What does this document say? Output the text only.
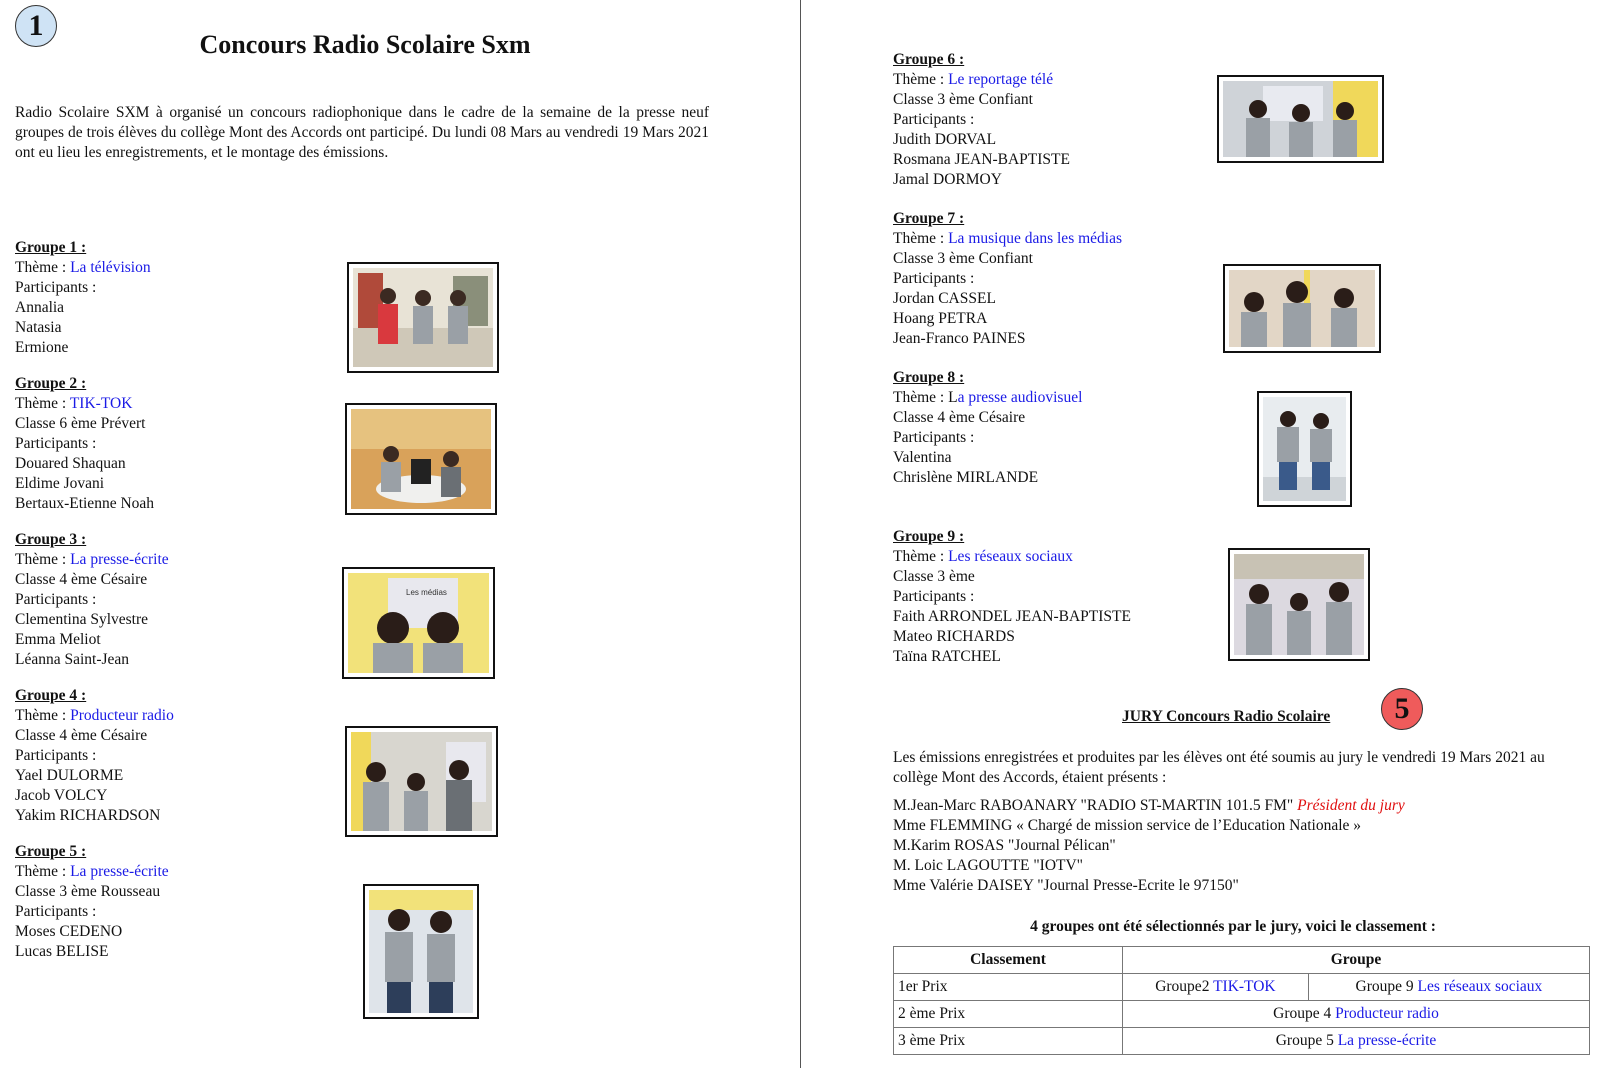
1
Concours Radio Scolaire Sxm
Radio Scolaire SXM à organisé un concours radiophonique dans le cadre de la semaine de la presse neuf groupes de trois élèves du collège Mont des Accords ont participé. Du lundi 08 Mars au vendredi 19 Mars 2021 ont eu lieu les enregistrements, et le montage des émissions.
Groupe 1 :
Thème : La télévision
Participants :
Annalia
Natasia
Ermione
Groupe 2 :
Thème : TIK-TOK
Classe 6 ème Prévert
Participants :
Douared Shaquan
Eldime Jovani
Bertaux-Etienne Noah
Groupe 3 :
Thème : La presse-écrite
Classe 4 ème Césaire
Participants :
Clementina Sylvestre
Emma Meliot
Léanna Saint-Jean
Groupe 4 :
Thème : Producteur radio
Classe 4 ème Césaire
Participants :
Yael DULORME
Jacob VOLCY
Yakim RICHARDSON
Groupe 5 :
Thème : La presse-écrite
Classe 3 ème Rousseau
Participants :
Moses CEDENO
Lucas BELISE
Groupe 6 :
Thème : Le reportage télé
Classe 3 ème Confiant
Participants :
Judith DORVAL
Rosmana JEAN-BAPTISTE
Jamal DORMOY
Groupe 7 :
Thème : La musique dans les médias
Classe 3 ème Confiant
Participants :
Jordan CASSEL
Hoang PETRA
Jean-Franco PAINES
Groupe 8 :
Thème : La presse audiovisuel
Classe 4 ème Césaire
Participants :
Valentina
Chrislène MIRLANDE
Groupe 9 :
Thème : Les réseaux sociaux
Classe 3 ème
Participants :
Faith ARRONDEL JEAN-BAPTISTE
Mateo RICHARDS
Taïna RATCHEL
Les médias
JURY Concours Radio Scolaire	5
Les émissions enregistrées et produites par les élèves ont été soumis au jury le vendredi 19 Mars 2021 au collège Mont des Accords, étaient présents :
M.Jean-Marc RABOANARY "RADIO ST-MARTIN 101.5 FM" Président du jury
Mme FLEMMING « Chargé de mission service de l’Education Nationale »
M.Karim ROSAS "Journal Pélican"
M. Loic LAGOUTTE "IOTV"
Mme Valérie DAISEY "Journal Presse-Ecrite le 97150"
4 groupes ont été sélectionnés par le jury, voici le classement :
Classement	Groupe	
1er Prix	Groupe2 TIK-TOK	Groupe 9 Les réseaux sociaux
2 ème Prix	Groupe 4 Producteur radio	
3 ème Prix	Groupe 5 La presse-écrite	
